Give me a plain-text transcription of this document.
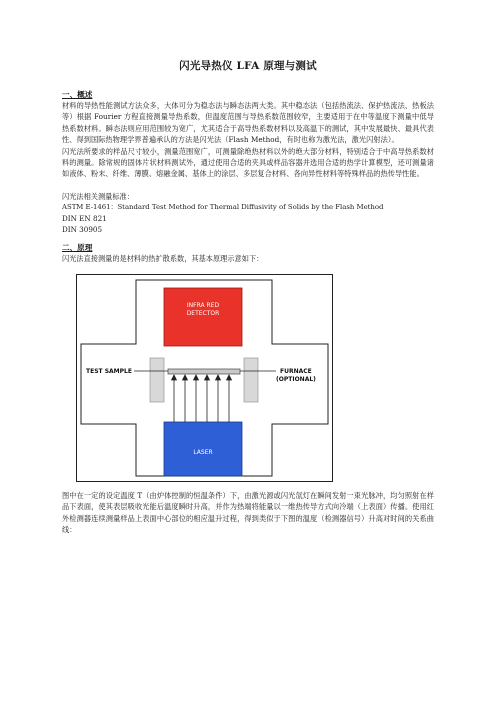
闪光导热仪 LFA 原理与测试
一、概述

材料的导热性能测试方法众多，大体可分为稳态法与瞬态法两大类。其中稳态法（包括热流法、保护热流法、热板法等）根据 Fourier 方程直接测量导热系数，但温度范围与导热系数范围较窄，主要适用于在中等温度下测量中低导热系数材料。瞬态法则应用范围较为宽广，尤其适合于高导热系数材料以及高温下的测试，其中发展最快、最具代表性、得到国际热物理学界普遍承认的方法是闪光法（Flash Method，有时也称为激光法，激光闪射法）。

闪光法所要求的样品尺寸较小，测量范围宽广，可测量除绝热材料以外的绝大部分材料，特别适合于中高导热系数材料的测量。除常规的固体片状材料测试外，通过使用合适的夹具或样品容器并选用合适的热学计算模型，还可测量诸如液体、粉末、纤维、薄膜、熔融金属、基体上的涂层、多层复合材料、各向异性材料等特殊样品的热传导性能。

闪光法相关测量标准：

ASTM E-1461：Standard Test Method for Thermal Diffusivity of Solids by the Flash Method

DIN EN 821

DIN 30905

二、原理

闪光法直接测量的是材料的热扩散系数，其基本原理示意如下：

INFRA RED
DETECTOR
TEST SAMPLE	FURNACE
(OPTIONAL)
LASER

图中在一定的设定温度 T（由炉体控制的恒温条件）下，由激光源或闪光氙灯在瞬间发射一束光脉冲，均匀照射在样品下表面，使其表层吸收光能后温度瞬时升高，并作为热端将能量以一维热传导方式向冷端（上表面）传播。使用红外检测器连续测量样品上表面中心部位的相应温升过程，得到类似于下图的温度（检测器信号）升高对时间的关系曲线：
